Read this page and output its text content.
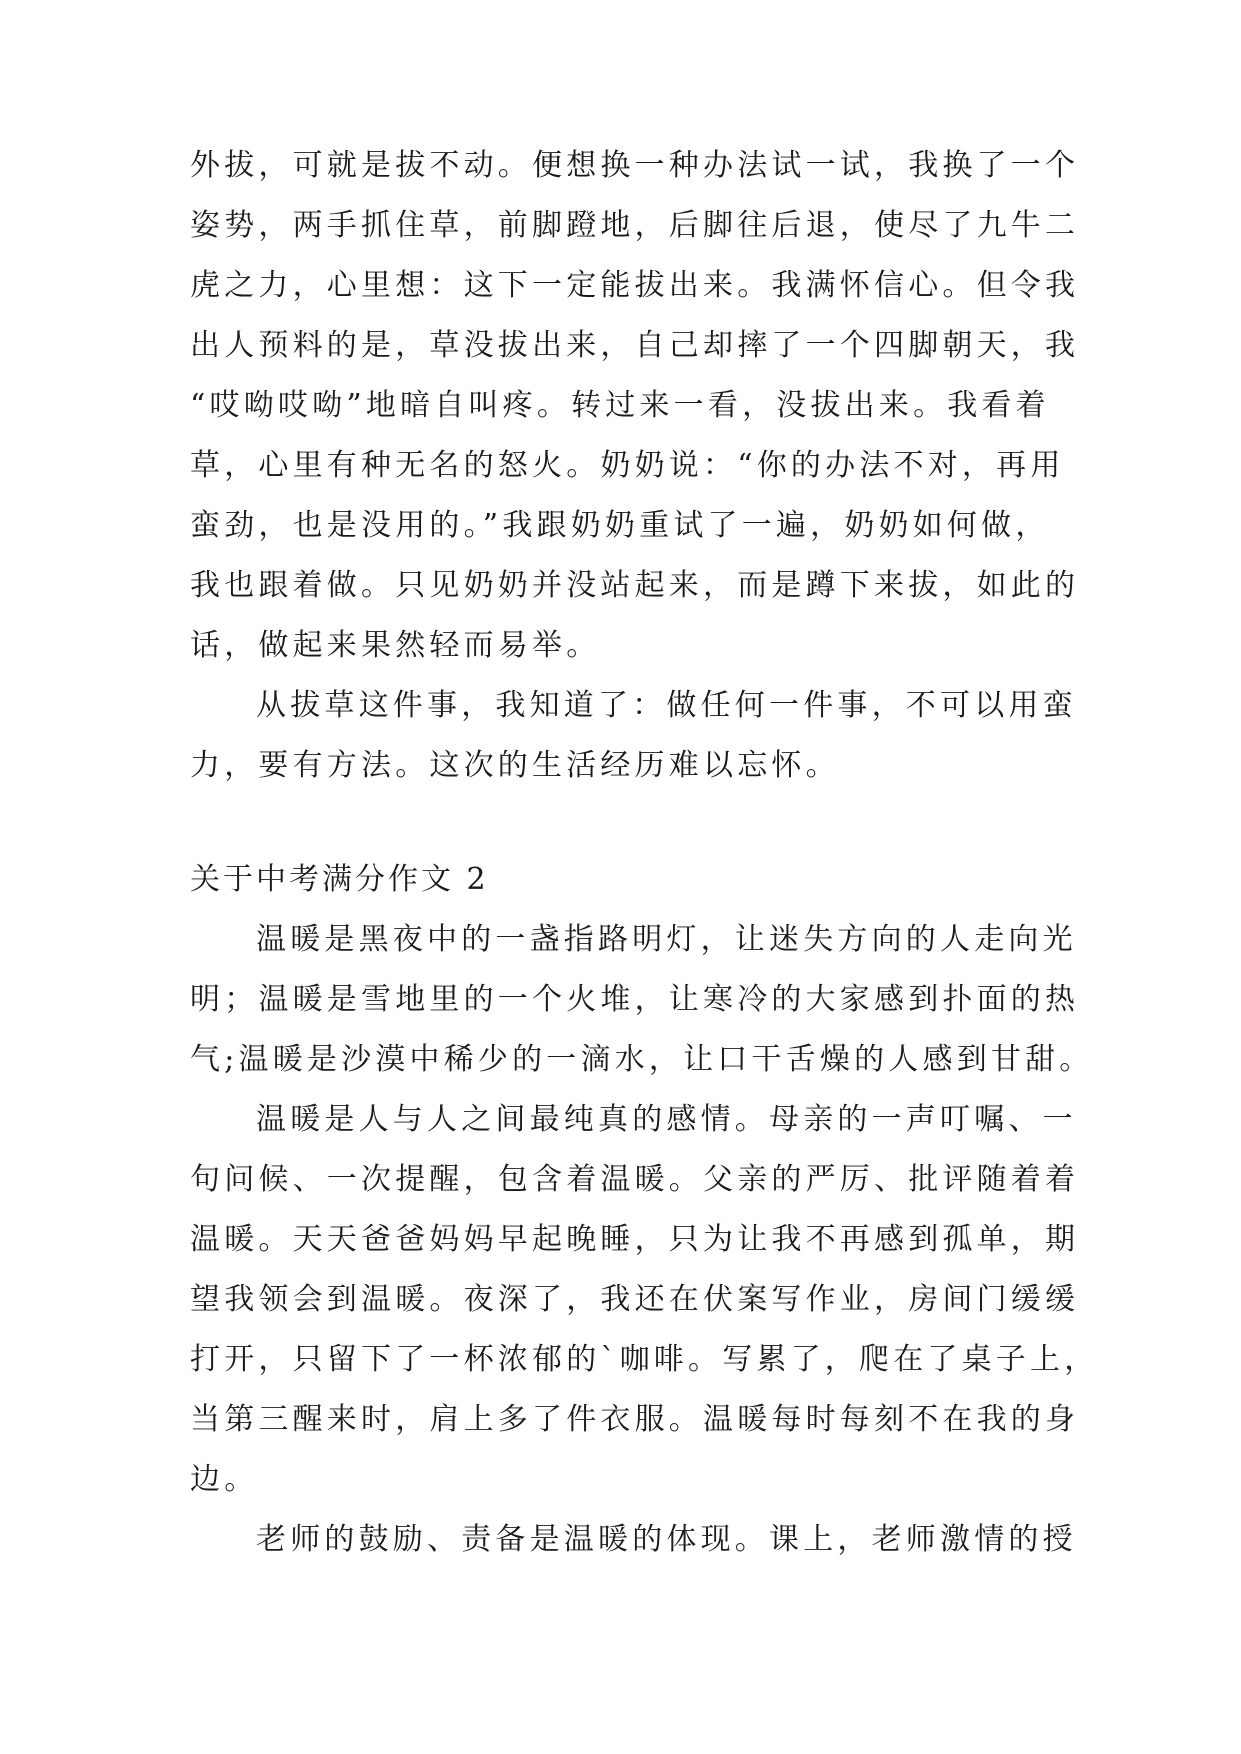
外拔，可就是拔不动。便想换一种办法试一试，我换了一个
姿势，两手抓住草，前脚蹬地，后脚往后退，使尽了九牛二
虎之力，心里想：这下一定能拔出来。我满怀信心。但令我
出人预料的是，草没拔出来，自己却摔了一个四脚朝天，我
“哎呦哎呦”地暗自叫疼。转过来一看，没拔出来。我看着
草，心里有种无名的怒火。奶奶说：“你的办法不对，再用
蛮劲，也是没用的。”我跟奶奶重试了一遍，奶奶如何做，
我也跟着做。只见奶奶并没站起来，而是蹲下来拔，如此的
话，做起来果然轻而易举。
从拔草这件事，我知道了：做任何一件事，不可以用蛮
力，要有方法。这次的生活经历难以忘怀。
关于中考满分作文 2
温暖是黑夜中的一盏指路明灯，让迷失方向的人走向光
明；温暖是雪地里的一个火堆，让寒冷的大家感到扑面的热
气;温暖是沙漠中稀少的一滴水，让口干舌燥的人感到甘甜。
温暖是人与人之间最纯真的感情。母亲的一声叮嘱、一
句问候、一次提醒，包含着温暖。父亲的严厉、批评随着着
温暖。天天爸爸妈妈早起晚睡，只为让我不再感到孤单，期
望我领会到温暖。夜深了，我还在伏案写作业，房间门缓缓
打开，只留下了一杯浓郁的`咖啡。写累了，爬在了桌子上，
当第三醒来时，肩上多了件衣服。温暖每时每刻不在我的身
边。
老师的鼓励、责备是温暖的体现。课上，老师激情的授
